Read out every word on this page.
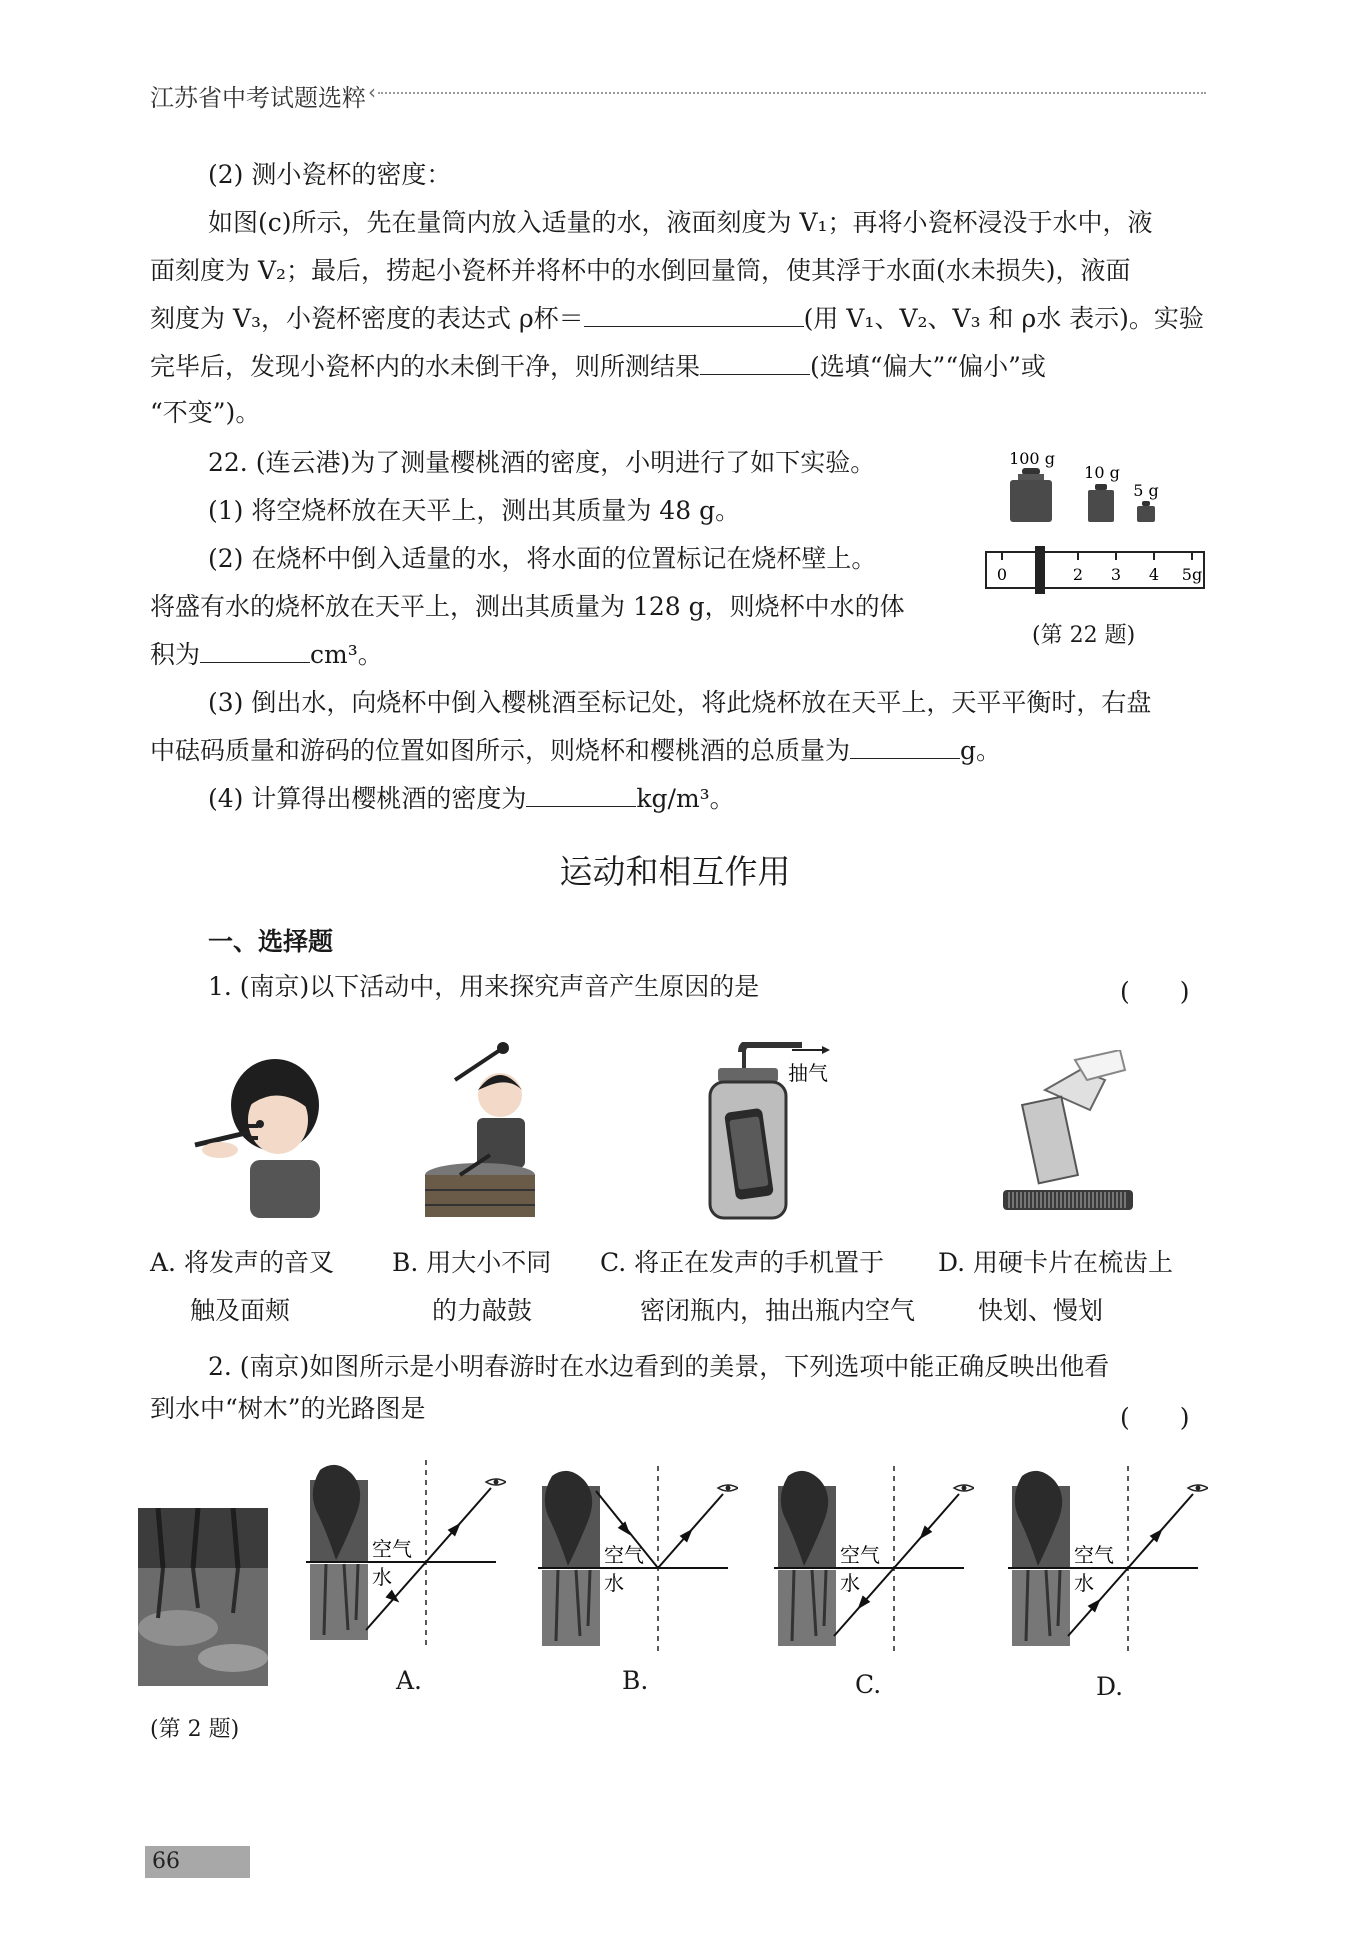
江苏省中考试题选粹 ‹
(2) 测小瓷杯的密度：
如图(c)所示，先在量筒内放入适量的水，液面刻度为 V₁；再将小瓷杯浸没于水中，液
面刻度为 V₂；最后，捞起小瓷杯并将杯中的水倒回量筒，使其浮于水面(水未损失)，液面
刻度为 V₃，小瓷杯密度的表达式 ρ杯＝	(用 V₁、V₂、V₃ 和 ρ水 表示)。实验
完毕后，发现小瓷杯内的水未倒干净，则所测结果	(选填“偏大”“偏小”或
“不变”)。
22. (连云港)为了测量樱桃酒的密度，小明进行了如下实验。
(1) 将空烧杯放在天平上，测出其质量为 48 g。
(2) 在烧杯中倒入适量的水，将水面的位置标记在烧杯壁上。
将盛有水的烧杯放在天平上，测出其质量为 128 g，则烧杯中水的体
积为	cm³。
(3) 倒出水，向烧杯中倒入樱桃酒至标记处，将此烧杯放在天平上，天平平衡时，右盘
中砝码质量和游码的位置如图所示，则烧杯和樱桃酒的总质量为	g。
(4) 计算得出樱桃酒的密度为	kg/m³。
100 g
10 g
5 g
0	2 3 4 5g
(第 22 题)
运动和相互作用
一、选择题
1. (南京)以下活动中，用来探究声音产生原因的是	(　　)
抽气
A. 将发声的音叉
触及面颊
B. 用大小不同
的力敲鼓
C. 将正在发声的手机置于
密闭瓶内，抽出瓶内空气
D. 用硬卡片在梳齿上
快划、慢划
2. (南京)如图所示是小明春游时在水边看到的美景，下列选项中能正确反映出他看
到水中“树木”的光路图是	(　　)
(第 2 题)
空气
水
空气
水
空气
水
空气
水
A.	B.	C.	D.
66
